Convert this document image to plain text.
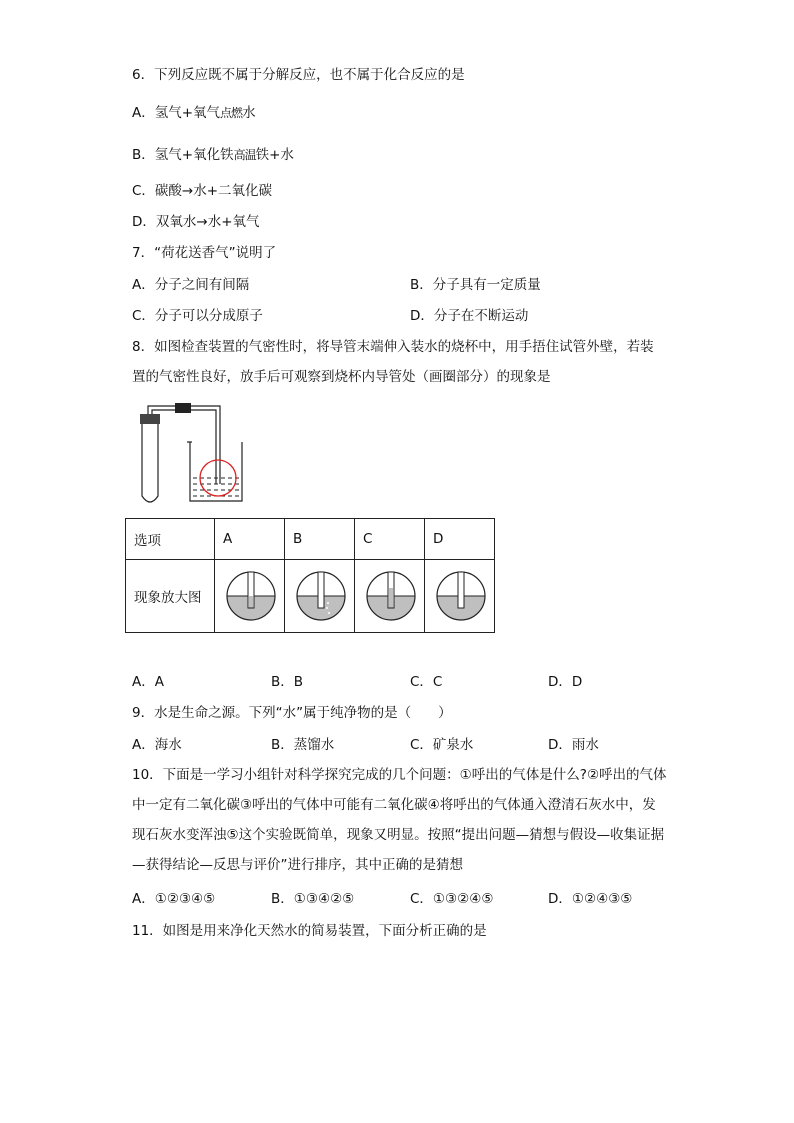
6．下列反应既不属于分解反应，也不属于化合反应的是
A．氢气+氧气点燃水
B．氢气+氧化铁高温铁+水
C．碳酸→水+二氧化碳
D．双氧水→水+氧气
7．“荷花送香气”说明了
A．分子之间有间隔	B．分子具有一定质量
C．分子可以分成原子	D．分子在不断运动
8．如图检查装置的气密性时，将导管末端伸入装水的烧杯中，用手捂住试管外壁，若装置的气密性良好，放手后可观察到烧杯内导管处（画圈部分）的现象是
选项	A	B	C	D
现象放大图	

A．A	B．B	C．C	D．D
9．水是生命之源。下列“水”属于纯净物的是（　　）
A．海水	B．蒸馏水	C．矿泉水	D．雨水
10．下面是一学习小组针对科学探究完成的几个问题：①呼出的气体是什么?②呼出的气体中一定有二氧化碳③呼出的气体中可能有二氧化碳④将呼出的气体通入澄清石灰水中，发现石灰水变浑浊⑤这个实验既简单，现象又明显。按照“提出问题—猜想与假设—收集证据—获得结论—反思与评价”进行排序，其中正确的是猜想
A．①②③④⑤	B．①③④②⑤	C．①③②④⑤	D．①②④③⑤
11．如图是用来净化天然水的简易装置，下面分析正确的是
